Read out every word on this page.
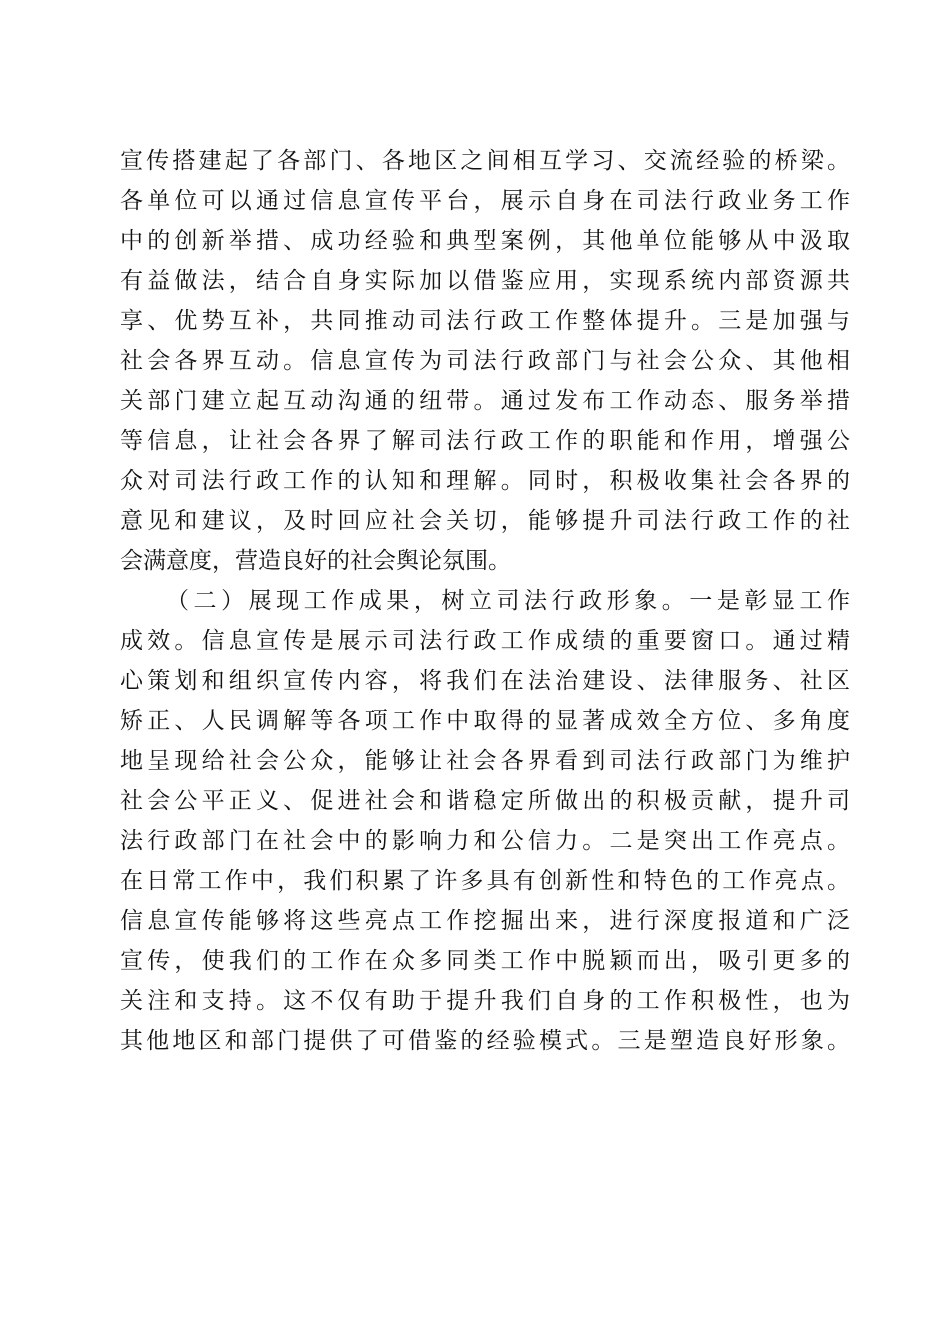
宣传搭建起了各部门、各地区之间相互学习、交流经验的桥梁。
各单位可以通过信息宣传平台，展示自身在司法行政业务工作
中的创新举措、成功经验和典型案例，其他单位能够从中汲取
有益做法，结合自身实际加以借鉴应用，实现系统内部资源共
享、优势互补，共同推动司法行政工作整体提升。三是加强与
社会各界互动。信息宣传为司法行政部门与社会公众、其他相
关部门建立起互动沟通的纽带。通过发布工作动态、服务举措
等信息，让社会各界了解司法行政工作的职能和作用，增强公
众对司法行政工作的认知和理解。同时，积极收集社会各界的
意见和建议，及时回应社会关切，能够提升司法行政工作的社
会满意度，营造良好的社会舆论氛围。
（二）展现工作成果，树立司法行政形象。一是彰显工作
成效。信息宣传是展示司法行政工作成绩的重要窗口。通过精
心策划和组织宣传内容，将我们在法治建设、法律服务、社区
矫正、人民调解等各项工作中取得的显著成效全方位、多角度
地呈现给社会公众，能够让社会各界看到司法行政部门为维护
社会公平正义、促进社会和谐稳定所做出的积极贡献，提升司
法行政部门在社会中的影响力和公信力。二是突出工作亮点。
在日常工作中，我们积累了许多具有创新性和特色的工作亮点。
信息宣传能够将这些亮点工作挖掘出来，进行深度报道和广泛
宣传，使我们的工作在众多同类工作中脱颖而出，吸引更多的
关注和支持。这不仅有助于提升我们自身的工作积极性，也为
其他地区和部门提供了可借鉴的经验模式。三是塑造良好形象。
